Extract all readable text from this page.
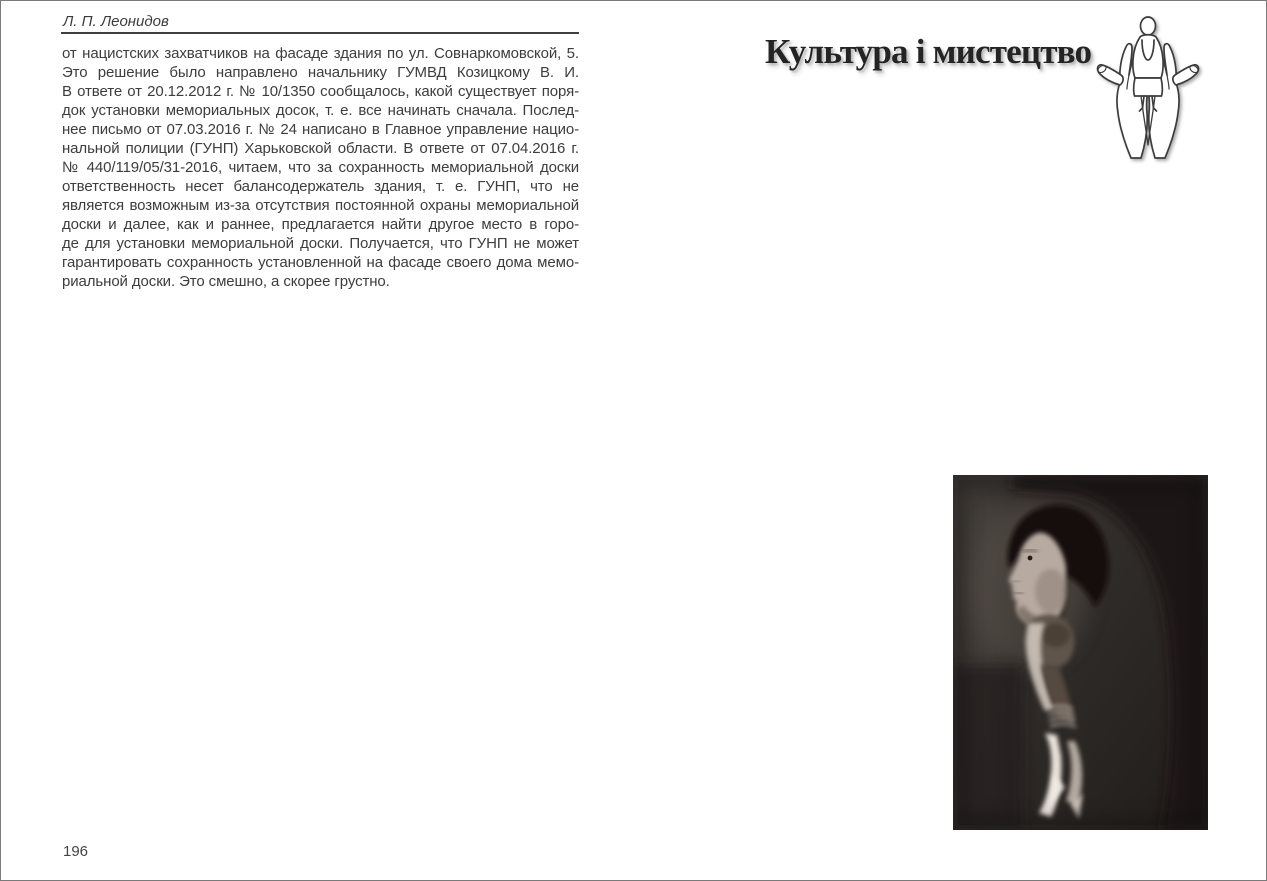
Л. П. Леонидов
от нацистских захватчиков на фасаде здания по ул. Совнаркомовской, 5.
Это решение было направлено начальнику ГУМВД Козицкому В. И.
В ответе от 20.12.2012 г. № 10/1350 сообщалось, какой существует поря-
док установки мемориальных досок, т. е. все начинать сначала. Послед-
нее письмо от 07.03.2016 г. № 24 написано в Главное управление нацио-
нальной полиции (ГУНП) Харьковской области. В ответе от 07.04.2016 г.
№ 440/119/05/31-2016, читаем, что за сохранность мемориальной доски
ответственность несет балансодержатель здания, т. е. ГУНП, что не
является возможным из-за отсутствия постоянной охраны мемориальной
доски и далее, как и раннее, предлагается найти другое место в горо-
де для установки мемориальной доски. Получается, что ГУНП не может
гарантировать сохранность установленной на фасаде своего дома мемо-
риальной доски. Это смешно, а скорее грустно.
196
Культура і мистецтво
